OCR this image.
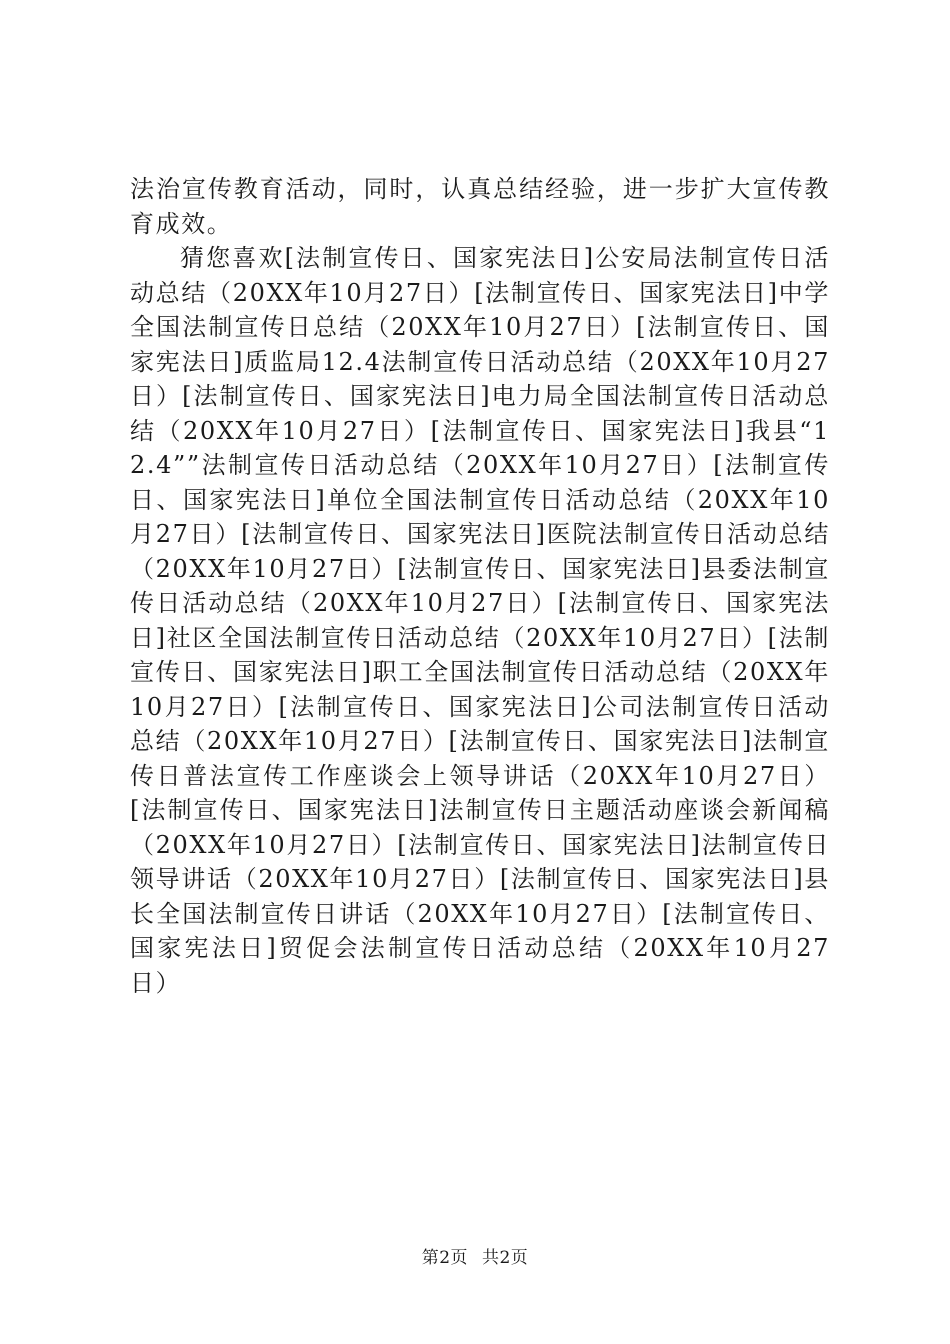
法治宣传教育活动，同时，认真总结经验，进一步扩大宣传教育成效。

猜您喜欢[法制宣传日、国家宪法日]公安局法制宣传日活动总结（20XX年10月27日）[法制宣传日、国家宪法日]中学全国法制宣传日总结（20XX年10月27日）[法制宣传日、国家宪法日]质监局12.4法制宣传日活动总结（20XX年10月27日）[法制宣传日、国家宪法日]电力局全国法制宣传日活动总结（20XX年10月27日）[法制宣传日、国家宪法日]我县“12.4””法制宣传日活动总结（20XX年10月27日）[法制宣传日、国家宪法日]单位全国法制宣传日活动总结（20XX年10月27日）[法制宣传日、国家宪法日]医院法制宣传日活动总结（20XX年10月27日）[法制宣传日、国家宪法日]县委法制宣传日活动总结（20XX年10月27日）[法制宣传日、国家宪法日]社区全国法制宣传日活动总结（20XX年10月27日）[法制宣传日、国家宪法日]职工全国法制宣传日活动总结（20XX年10月27日）[法制宣传日、国家宪法日]公司法制宣传日活动总结（20XX年10月27日）[法制宣传日、国家宪法日]法制宣传日普法宣传工作座谈会上领导讲话（20XX年10月27日）[法制宣传日、国家宪法日]法制宣传日主题活动座谈会新闻稿（20XX年10月27日）[法制宣传日、国家宪法日]法制宣传日领导讲话（20XX年10月27日）[法制宣传日、国家宪法日]县长全国法制宣传日讲话（20XX年10月27日）[法制宣传日、国家宪法日]贸促会法制宣传日活动总结（20XX年10月27日）

第2页 共2页
